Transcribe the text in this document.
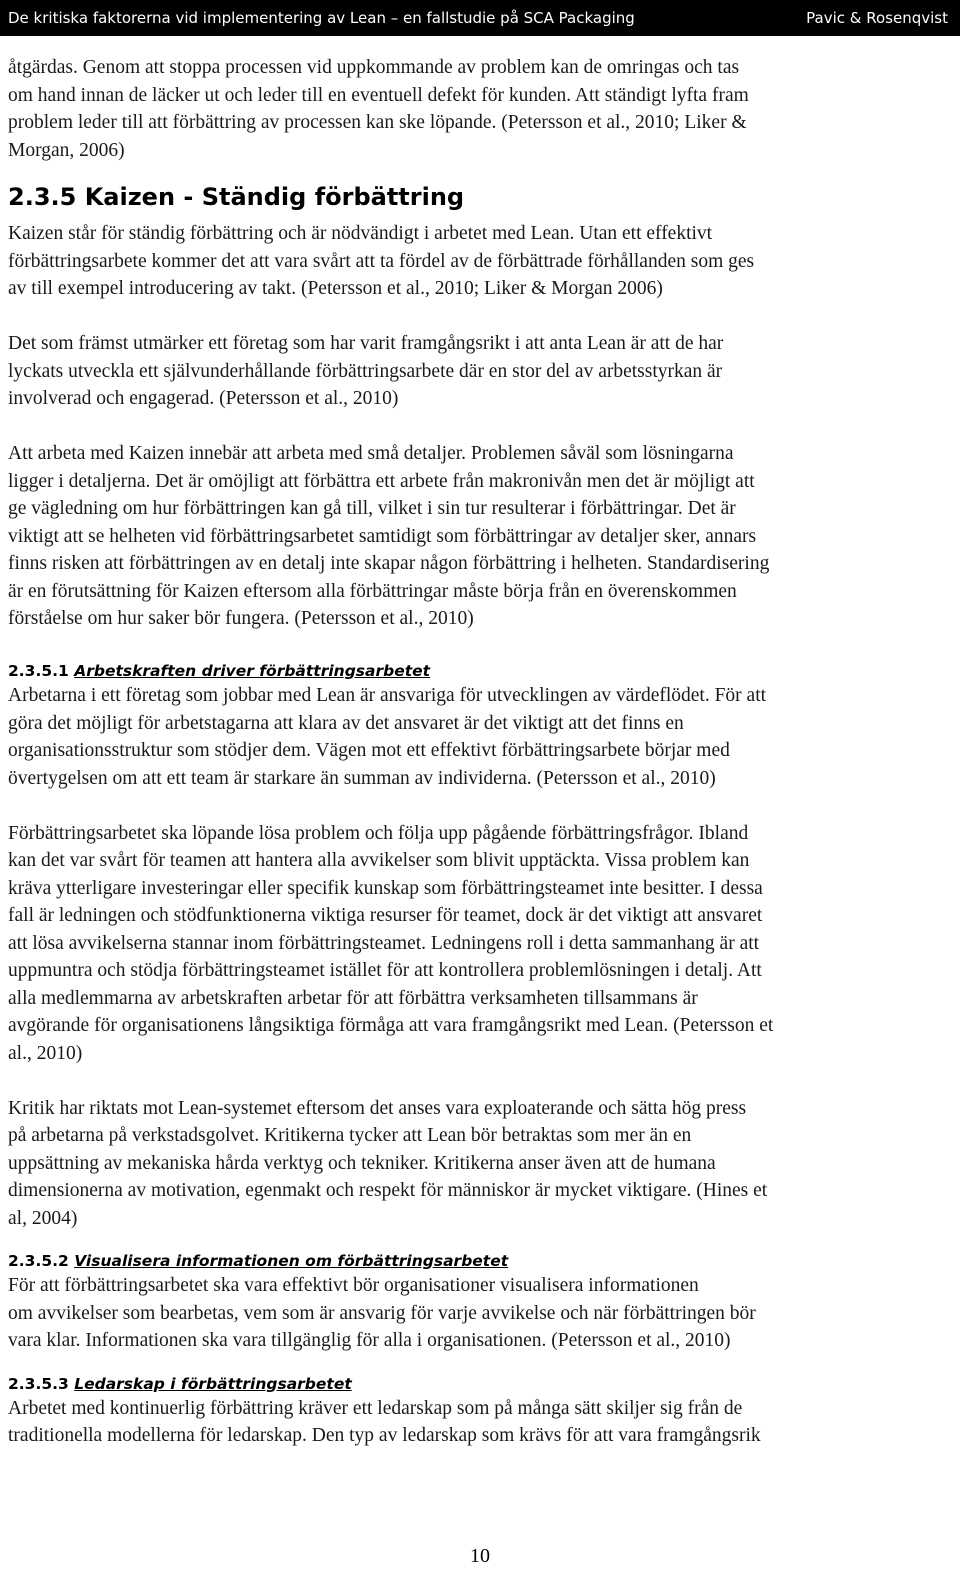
De kritiska faktorerna vid implementering av Lean – en fallstudie på SCA Packaging	Pavic & Rosenqvist

åtgärdas. Genom att stoppa processen vid uppkommande av problem kan de omringas och tas
om hand innan de läcker ut och leder till en eventuell defekt för kunden. Att ständigt lyfta fram
problem leder till att förbättring av processen kan ske löpande. (Petersson et al., 2010; Liker &
Morgan, 2006)

2.3.5 Kaizen - Ständig förbättring

Kaizen står för ständig förbättring och är nödvändigt i arbetet med Lean. Utan ett effektivt
förbättringsarbete kommer det att vara svårt att ta fördel av de förbättrade förhållanden som ges
av till exempel introducering av takt. (Petersson et al., 2010; Liker & Morgan 2006)

Det som främst utmärker ett företag som har varit framgångsrikt i att anta Lean är att de har
lyckats utveckla ett självunderhållande förbättringsarbete där en stor del av arbetsstyrkan är
involverad och engagerad. (Petersson et al., 2010)

Att arbeta med Kaizen innebär att arbeta med små detaljer. Problemen såväl som lösningarna
ligger i detaljerna. Det är omöjligt att förbättra ett arbete från makronivån men det är möjligt att
ge vägledning om hur förbättringen kan gå till, vilket i sin tur resulterar i förbättringar. Det är
viktigt att se helheten vid förbättringsarbetet samtidigt som förbättringar av detaljer sker, annars
finns risken att förbättringen av en detalj inte skapar någon förbättring i helheten. Standardisering
är en förutsättning för Kaizen eftersom alla förbättringar måste börja från en överenskommen
förståelse om hur saker bör fungera. (Petersson et al., 2010)

2.3.5.1 Arbetskraften driver förbättringsarbetet

Arbetarna i ett företag som jobbar med Lean är ansvariga för utvecklingen av värdeflödet. För att
göra det möjligt för arbetstagarna att klara av det ansvaret är det viktigt att det finns en
organisationsstruktur som stödjer dem. Vägen mot ett effektivt förbättringsarbete börjar med
övertygelsen om att ett team är starkare än summan av individerna. (Petersson et al., 2010)

Förbättringsarbetet ska löpande lösa problem och följa upp pågående förbättringsfrågor. Ibland
kan det var svårt för teamen att hantera alla avvikelser som blivit upptäckta. Vissa problem kan
kräva ytterligare investeringar eller specifik kunskap som förbättringsteamet inte besitter. I dessa
fall är ledningen och stödfunktionerna viktiga resurser för teamet, dock är det viktigt att ansvaret
att lösa avvikelserna stannar inom förbättringsteamet. Ledningens roll i detta sammanhang är att
uppmuntra och stödja förbättringsteamet istället för att kontrollera problemlösningen i detalj. Att
alla medlemmarna av arbetskraften arbetar för att förbättra verksamheten tillsammans är
avgörande för organisationens långsiktiga förmåga att vara framgångsrikt med Lean. (Petersson et
al., 2010)

Kritik har riktats mot Lean-systemet eftersom det anses vara exploaterande och sätta hög press
på arbetarna på verkstadsgolvet. Kritikerna tycker att Lean bör betraktas som mer än en
uppsättning av mekaniska hårda verktyg och tekniker. Kritikerna anser även att de humana
dimensionerna av motivation, egenmakt och respekt för människor är mycket viktigare. (Hines et
al, 2004)

2.3.5.2 Visualisera informationen om förbättringsarbetet

För att förbättringsarbetet ska vara effektivt bör organisationer visualisera informationen
om avvikelser som bearbetas, vem som är ansvarig för varje avvikelse och när förbättringen bör
vara klar. Informationen ska vara tillgänglig för alla i organisationen. (Petersson et al., 2010)

2.3.5.3 Ledarskap i förbättringsarbetet

Arbetet med kontinuerlig förbättring kräver ett ledarskap som på många sätt skiljer sig från de
traditionella modellerna för ledarskap. Den typ av ledarskap som krävs för att vara framgångsrik

10
